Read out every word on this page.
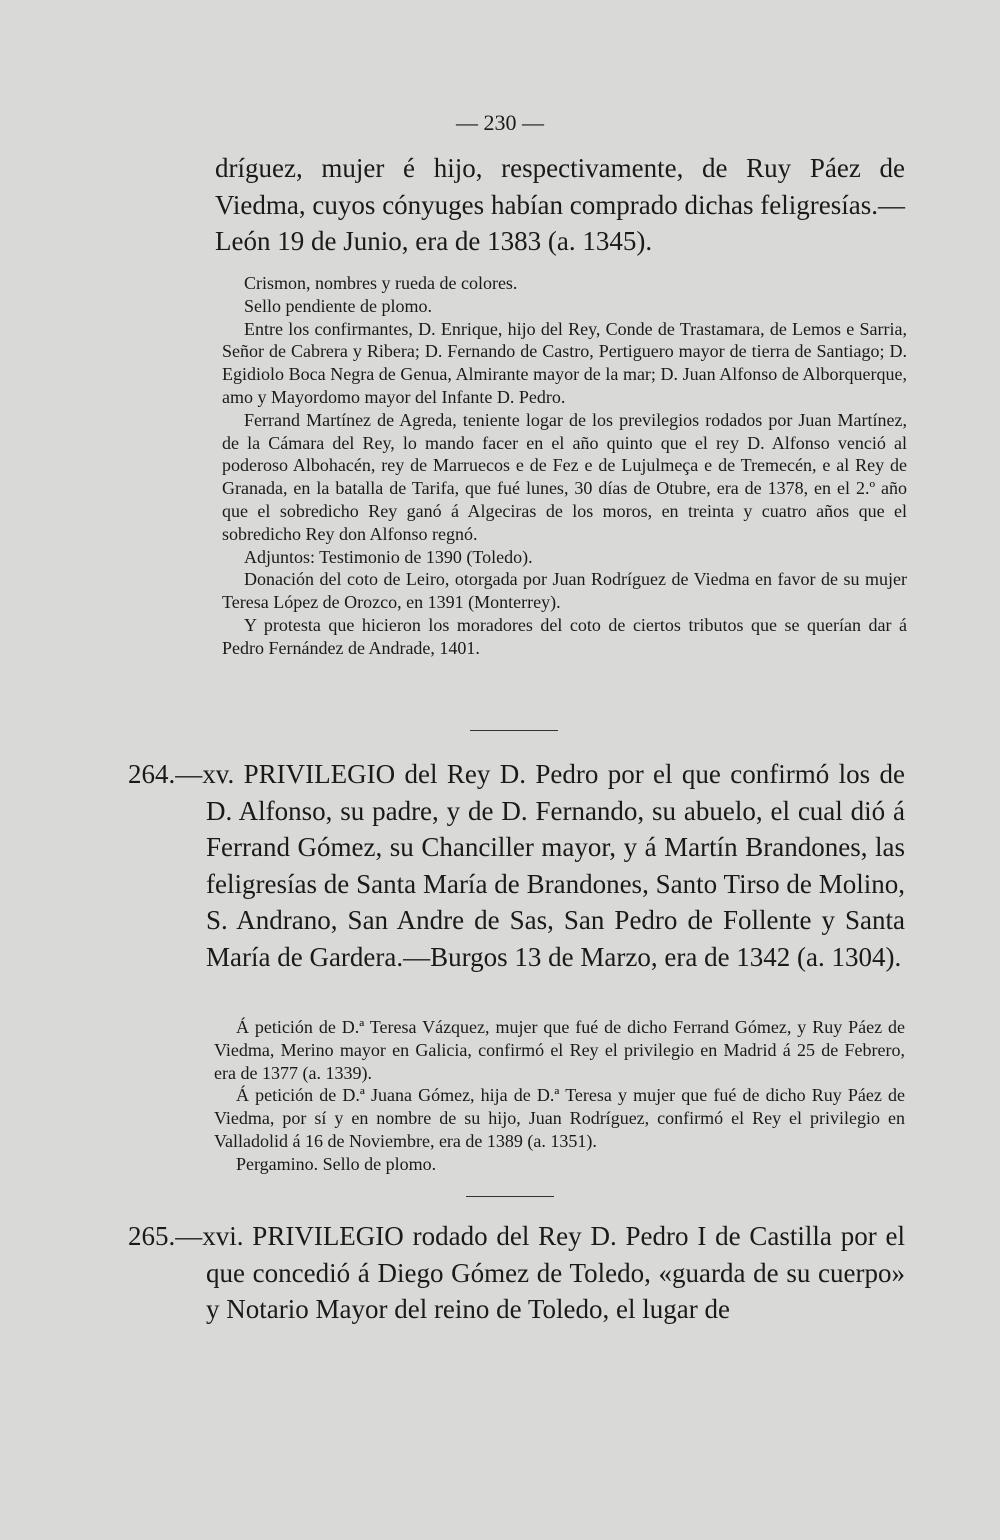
— 230 —

dríguez, mujer é hijo, respectivamente, de Ruy Páez de Viedma, cuyos cónyuges habían comprado dichas feligresías.—León 19 de Junio, era de 1383 (a. 1345).

Crismon, nombres y rueda de colores.

Sello pendiente de plomo.

Entre los confirmantes, D. Enrique, hijo del Rey, Conde de Trastamara, de Lemos e Sarria, Señor de Cabrera y Ribera; D. Fernando de Castro, Pertiguero mayor de tierra de Santiago; D. Egidiolo Boca Negra de Genua, Almirante mayor de la mar; D. Juan Alfonso de Alborquerque, amo y Mayordomo mayor del Infante D. Pedro.

Ferrand Martínez de Agreda, teniente logar de los previlegios rodados por Juan Martínez, de la Cámara del Rey, lo mando facer en el año quinto que el rey D. Alfonso venció al poderoso Albohacén, rey de Marruecos e de Fez e de Lujulmeça e de Tremecén, e al Rey de Granada, en la batalla de Tarifa, que fué lunes, 30 días de Otubre, era de 1378, en el 2.º año que el sobredicho Rey ganó á Algeciras de los moros, en treinta y cuatro años que el sobredicho Rey don Alfonso regnó.

Adjuntos: Testimonio de 1390 (Toledo).

Donación del coto de Leiro, otorgada por Juan Rodríguez de Viedma en favor de su mujer Teresa López de Orozco, en 1391 (Monterrey).

Y protesta que hicieron los moradores del coto de ciertos tributos que se querían dar á Pedro Fernández de Andrade, 1401.

264.—xv. PRIVILEGIO del Rey D. Pedro por el que confirmó los de D. Alfonso, su padre, y de D. Fernando, su abuelo, el cual dió á Ferrand Gómez, su Chanciller mayor, y á Martín Brandones, las feligresías de Santa María de Brandones, Santo Tirso de Molino, S. Andrano, San Andre de Sas, San Pedro de Follente y Santa María de Gardera.—Burgos 13 de Marzo, era de 1342 (a. 1304).

Á petición de D.ª Teresa Vázquez, mujer que fué de dicho Ferrand Gómez, y Ruy Páez de Viedma, Merino mayor en Galicia, confirmó el Rey el privilegio en Madrid á 25 de Febrero, era de 1377 (a. 1339).

Á petición de D.ª Juana Gómez, hija de D.ª Teresa y mujer que fué de dicho Ruy Páez de Viedma, por sí y en nombre de su hijo, Juan Rodríguez, confirmó el Rey el privilegio en Valladolid á 16 de Noviembre, era de 1389 (a. 1351).

Pergamino. Sello de plomo.

265.—xvi. PRIVILEGIO rodado del Rey D. Pedro I de Castilla por el que concedió á Diego Gómez de Toledo, «guarda de su cuerpo» y Notario Mayor del reino de Toledo, el lugar de
